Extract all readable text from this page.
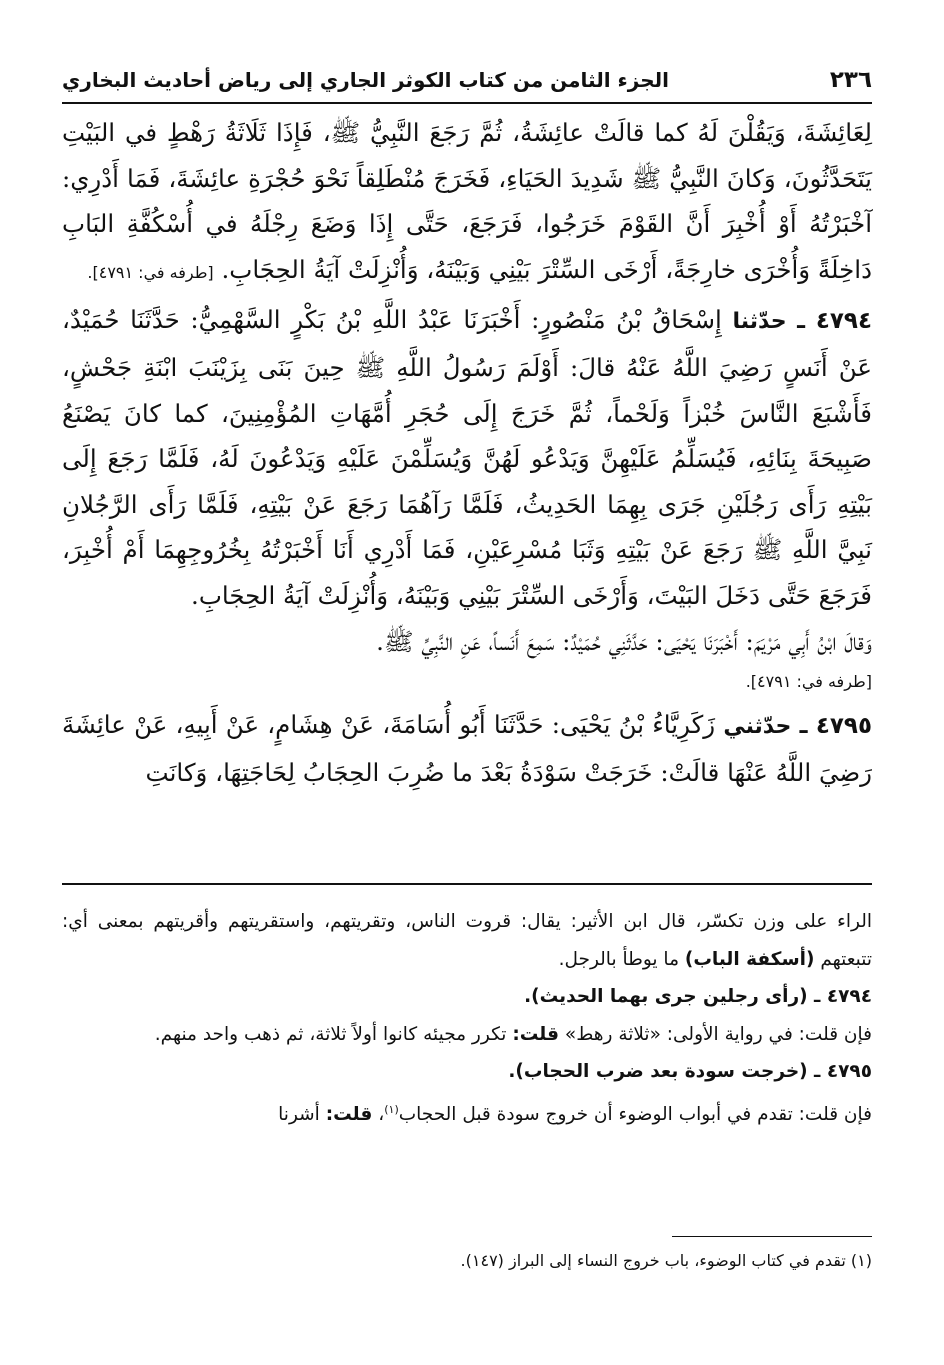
٢٣٦
الجزء الثامن من كتاب الكوثر الجاري إلى رياض أحاديث البخاري

لِعَائِشَةَ، وَيَقُلْنَ لَهُ كما قالَتْ عائِشَةُ، ثُمَّ رَجَعَ النَّبِيُّ ﷺ، فَإِذَا ثَلَاثَةُ رَهْطٍ في البَيْتِ يَتَحَدَّثُونَ، وَكانَ النَّبِيُّ ﷺ شَدِيدَ الحَيَاءِ، فَخَرَجَ مُنْطَلِقاً نَحْوَ حُجْرَةِ عائِشَةَ، فَمَا أَدْرِي: آخْبَرْتُهُ أَوْ أُخْبِرَ أَنَّ القَوْمَ خَرَجُوا، فَرَجَعَ، حَتَّى إِذَا وَضَعَ رِجْلَهُ في أُسْكُفَّةِ البَابِ دَاخِلَةً وَأُخْرَى خارِجَةً، أَرْخَى السِّتْرَ بَيْنِي وَبَيْنَهُ، وَأُنْزِلَتْ آيَةُ الحِجَابِ. [طرفه في: ٤٧٩١].

٤٧٩٤ ـ حدّثنا إِسْحَاقُ بْنُ مَنْصُورٍ: أَخْبَرَنَا عَبْدُ اللَّهِ بْنُ بَكْرٍ السَّهْمِيُّ: حَدَّثَنَا حُمَيْدٌ، عَنْ أَنَسٍ رَضِيَ اللَّهُ عَنْهُ قالَ: أَوْلَمَ رَسُولُ اللَّهِ ﷺ حِينَ بَنَى بِزَيْنَبَ ابْنَةِ جَحْشٍ، فَأَشْبَعَ النَّاسَ خُبْزاً وَلَحْماً، ثُمَّ خَرَجَ إِلَى حُجَرِ أُمَّهَاتِ المُؤْمِنِينَ، كما كانَ يَصْنَعُ صَبِيحَةَ بِنَائِهِ، فَيُسَلِّمُ عَلَيْهِنَّ وَيَدْعُو لَهُنَّ وَيُسَلِّمْنَ عَلَيْهِ وَيَدْعُونَ لَهُ، فَلَمَّا رَجَعَ إِلَى بَيْتِهِ رَأَى رَجُلَيْنِ جَرَى بِهِمَا الحَدِيثُ، فَلَمَّا رَآهُمَا رَجَعَ عَنْ بَيْتِهِ، فَلَمَّا رَأَى الرَّجُلانِ نَبِيَّ اللَّهِ ﷺ رَجَعَ عَنْ بَيْتِهِ وَثَبَا مُسْرِعَيْنِ، فَمَا أَدْرِي أَنَا أَخْبَرْتُهُ بِخُرُوجِهِمَا أَمْ أُخْبِرَ، فَرَجَعَ حَتَّى دَخَلَ البَيْتَ، وَأَرْخَى السِّتْرَ بَيْنِي وَبَيْنَهُ، وَأُنْزِلَتْ آيَةُ الحِجَابِ.

وَقالَ ابْنُ أَبِي مَرْيَمَ: أَخْبَرَنَا يَحْيَى: حَدَّثَنِي حُمَيْدٌ: سَمِعَ أَنَساً، عَنِ النَّبِيِّ ﷺ.

[طرفه في: ٤٧٩١].

٤٧٩٥ ـ حدّثني زَكَرِيَّاءُ بْنُ يَحْيَى: حَدَّثَنَا أَبُو أُسَامَةَ، عَنْ هِشَامٍ، عَنْ أَبِيهِ، عَنْ عائِشَةَ رَضِيَ اللَّهُ عَنْهَا قالَتْ: خَرَجَتْ سَوْدَةُ بَعْدَ ما ضُرِبَ الحِجَابُ لِحَاجَتِهَا، وَكانَتِ

الراء على وزن تكسّر، قال ابن الأثير: يقال: قروت الناس، وتقريتهم، واستقريتهم وأقريتهم بمعنى أي: تتبعتهم (أسكفة الباب) ما يوطأ بالرجل.

٤٧٩٤ ـ (رأى رجلين جرى بهما الحديث).

فإن قلت: في رواية الأولى: «ثلاثة رهط» قلت: تكرر مجيئه كانوا أولاً ثلاثة، ثم ذهب واحد منهم.

٤٧٩٥ ـ (خرجت سودة بعد ضرب الحجاب).

فإن قلت: تقدم في أبواب الوضوء أن خروج سودة قبل الحجاب$^{(١)}$، قلت: أشرنا

(١) تقدم في كتاب الوضوء، باب خروج النساء إلى البراز (١٤٧).
